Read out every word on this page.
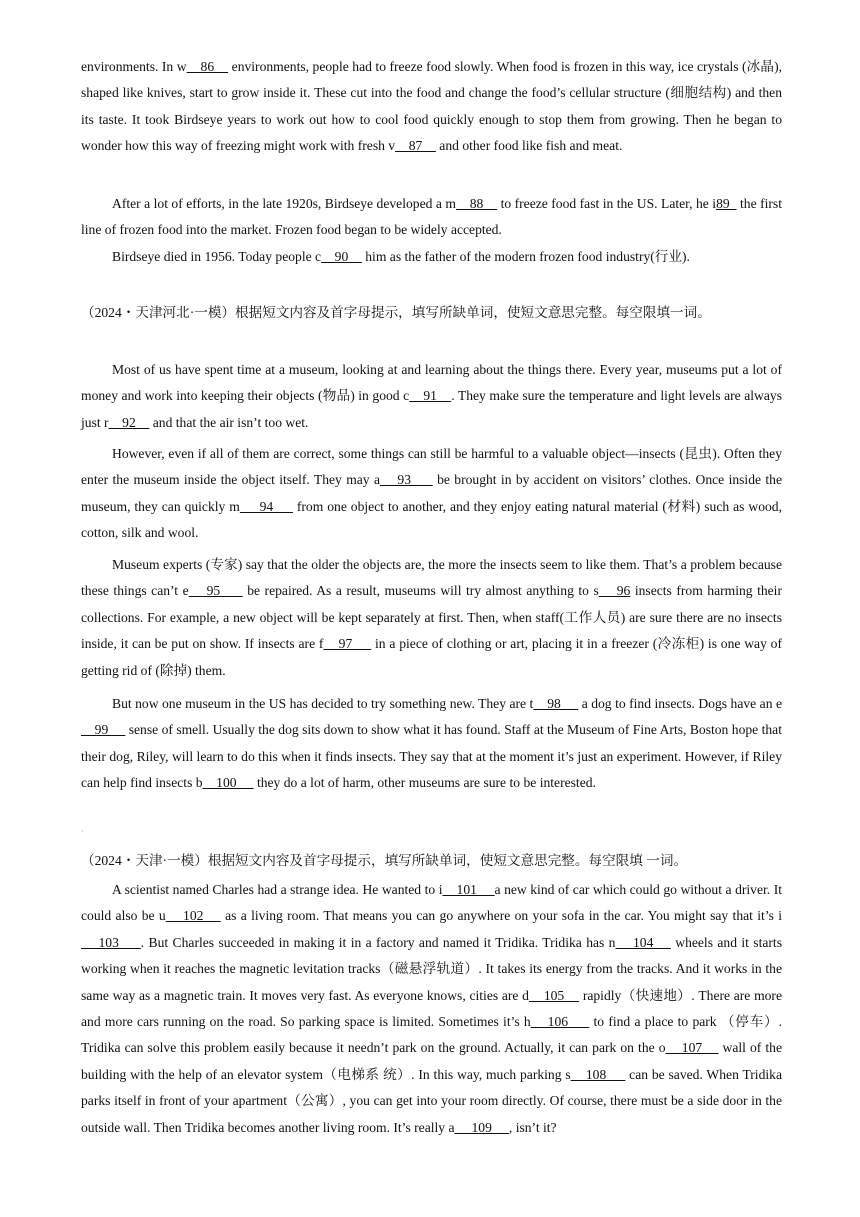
environments. In w    86     environments, people had to freeze food slowly. When food is frozen in this way, ice crystals (冰晶), shaped like knives, start to grow inside it. These cut into the food and change the food’s cellular structure (细胞结构) and then its taste. It took Birdseye years to work out how to cool food quickly enough to stop them from growing. Then he began to wonder how this way of freezing might work with fresh v    87     and other food like fish and meat.

After a lot of efforts, in the late 1920s, Birdseye developed a m    88     to freeze food fast in the US. Later, he i89   the first line of frozen food into the market. Frozen food began to be widely accepted.

Birdseye died in 1956. Today people c    90     him as the father of the modern frozen food industry(行业).

（2024・天津河北·一模）根据短文内容及首字母提示，填写所缺单词，使短文意思完整。每空限填一词。

Most of us have spent time at a museum, looking at and learning about the things there. Every year, museums put a lot of money and work into keeping their objects (物品) in good c    91    . They make sure the temperature and light levels are always just r    92     and that the air isn’t too wet.

However, even if all of them are correct, some things can still be harmful to a valuable object—insects (昆虫). Often they enter the museum inside the object itself. They may a    93      be brought in by accident on visitors’ clothes. Once inside the museum, they can quickly m     94      from one object to another, and they enjoy eating natural material (材料) such as wood, cotton, silk and wool.

Museum experts (专家) say that the older the objects are, the more the insects seem to like them. That’s a problem because these things can’t e    95      be repaired. As a result, museums will try almost anything to s    96 insects from harming their collections. For example, a new object will be kept separately at first. Then, when staff(工作人员) are sure there are no insects inside, it can be put on show. If insects are f    97      in a piece of clothing or art, placing it in a freezer (冷冻柜) is one way of getting rid of (除掉) them.

But now one museum in the US has decided to try something new. They are t    98      a dog to find insects. Dogs have an e    99      sense of smell. Usually the dog sits down to show what it has found. Staff at the Museum of Fine Arts, Boston hope that their dog, Riley, will learn to do this when it finds insects. They say that at the moment it’s just an experiment. However, if Riley can help find insects b    100      they do a lot of harm, other museums are sure to be interested.

·

（2024・天津·一模）根据短文内容及首字母提示，填写所缺单词，使短文意思完整。每空限填 一词。

A scientist named Charles had a strange idea. He wanted to i    101     a new kind of car which could go without a driver. It could also be u    102     as a living room. That means you can go anywhere on your sofa in the car. You might say that it’s i    103     . But Charles succeeded in making it in a factory and named it Tridika. Tridika has n    104     wheels and it starts working when it reaches the magnetic levitation tracks（磁悬浮轨道）. It takes its energy from the tracks. And it works in the same way as a magnetic train. It moves very fast. As everyone knows, cities are d    105     rapidly（快速地）. There are more and more cars running on the road. So parking space is limited. Sometimes it’s h    106      to find a place to park （停车）. Tridika can solve this problem easily because it needn’t park on the ground. Actually, it can park on the o    107     wall of the building with the help of an elevator system（电梯系 统）. In this way, much parking s    108      can be saved. When Tridika parks itself in front of your apartment（公寓）, you can get into your room directly. Of course, there must be a side door in the outside wall. Then Tridika becomes another living room. It’s really a     109     , isn’t it?
